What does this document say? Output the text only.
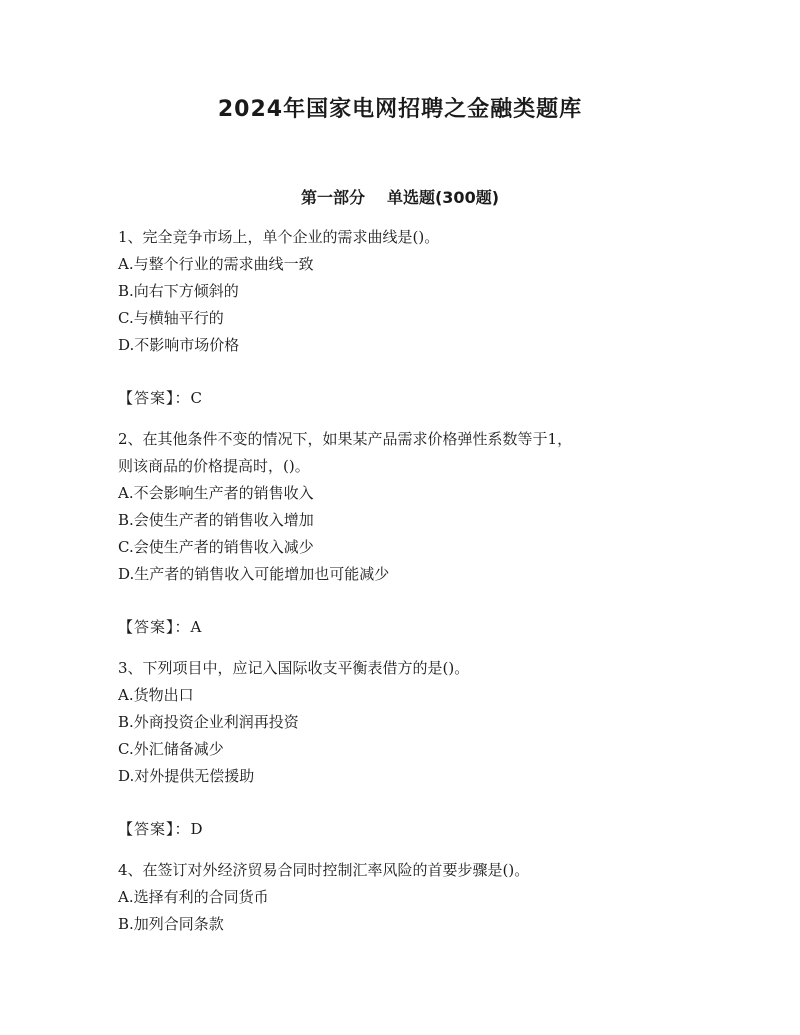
2024年国家电网招聘之金融类题库
第一部分 单选题(300题)
1、完全竞争市场上，单个企业的需求曲线是()。
A.与整个行业的需求曲线一致
B.向右下方倾斜的
C.与横轴平行的
D.不影响市场价格
【答案】：C
2、在其他条件不变的情况下，如果某产品需求价格弹性系数等于1，
则该商品的价格提高时，()。
A.不会影响生产者的销售收入
B.会使生产者的销售收入增加
C.会使生产者的销售收入减少
D.生产者的销售收入可能增加也可能减少
【答案】：A
3、下列项目中，应记入国际收支平衡表借方的是()。
A.货物出口
B.外商投资企业利润再投资
C.外汇储备减少
D.对外提供无偿援助
【答案】：D
4、在签订对外经济贸易合同时控制汇率风险的首要步骤是()。
A.选择有利的合同货币
B.加列合同条款
